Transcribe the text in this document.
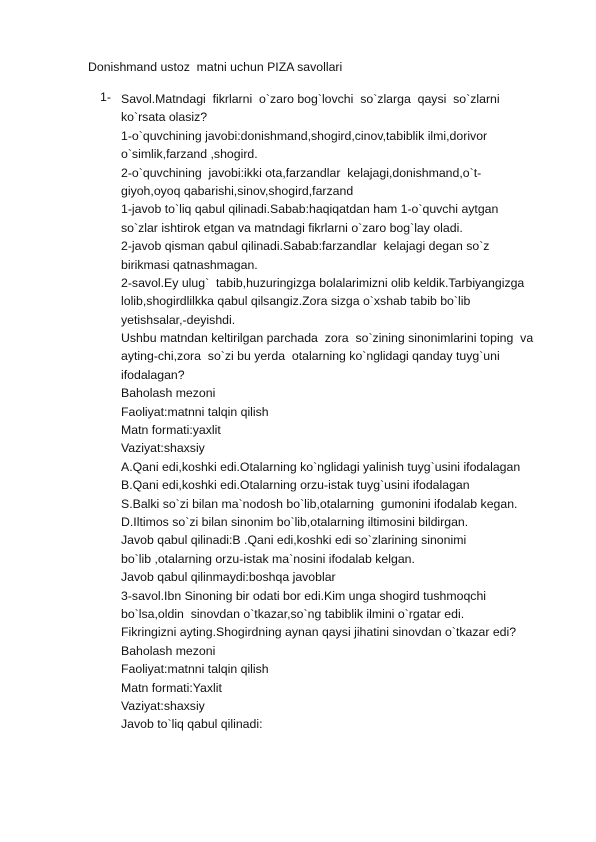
Donishmand ustoz  matni uchun PIZA savollari
1- Savol.Matndagi  fikrlarni  o`zaro bog`lovchi  so`zlarga  qaysi  so`zlarni
ko`rsata olasiz?
1-o`quvchining javobi:donishmand,shogird,cinov,tabiblik ilmi,dorivor
o`simlik,farzand ,shogird.
2-o`quvchining  javobi:ikki ota,farzandlar  kelajagi,donishmand,o`t-
giyoh,oyoq qabarishi,sinov,shogird,farzand
1-javob to`liq qabul qilinadi.Sabab:haqiqatdan ham 1-o`quvchi aytgan
so`zlar ishtirok etgan va matndagi fikrlarni o`zaro bog`lay oladi.
2-javob qisman qabul qilinadi.Sabab:farzandlar  kelajagi degan so`z
birikmasi qatnashmagan.
2-savol.Ey ulug`  tabib,huzuringizga bolalarimizni olib keldik.Tarbiyangizga
lolib,shogirdlilkka qabul qilsangiz.Zora sizga o`xshab tabib bo`lib
yetishsalar,-deyishdi.
Ushbu matndan keltirilgan parchada  zora  so`zining sinonimlarini toping  va
ayting-chi,zora  so`zi bu yerda  otalarning ko`nglidagi qanday tuyg`uni
ifodalagan?
Baholash mezoni
Faoliyat:matnni talqin qilish
Matn formati:yaxlit
Vaziyat:shaxsiy
A.Qani edi,koshki edi.Otalarning ko`nglidagi yalinish tuyg`usini ifodalagan
B.Qani edi,koshki edi.Otalarning orzu-istak tuyg`usini ifodalagan
S.Balki so`zi bilan ma`nodosh bo`lib,otalarning  gumonini ifodalab kegan.
D.Iltimos so`zi bilan sinonim bo`lib,otalarning iltimosini bildirgan.
Javob qabul qilinadi:B .Qani edi,koshki edi so`zlarining sinonimi
bo`lib ,otalarning orzu-istak ma`nosini ifodalab kelgan.
Javob qabul qilinmaydi:boshqa javoblar
3-savol.Ibn Sinoning bir odati bor edi.Kim unga shogird tushmoqchi
bo`lsa,oldin  sinovdan o`tkazar,so`ng tabiblik ilmini o`rgatar edi.
Fikringizni ayting.Shogirdning aynan qaysi jihatini sinovdan o`tkazar edi?
Baholash mezoni
Faoliyat:matnni talqin qilish
Matn formati:Yaxlit
Vaziyat:shaxsiy
Javob to`liq qabul qilinadi:
